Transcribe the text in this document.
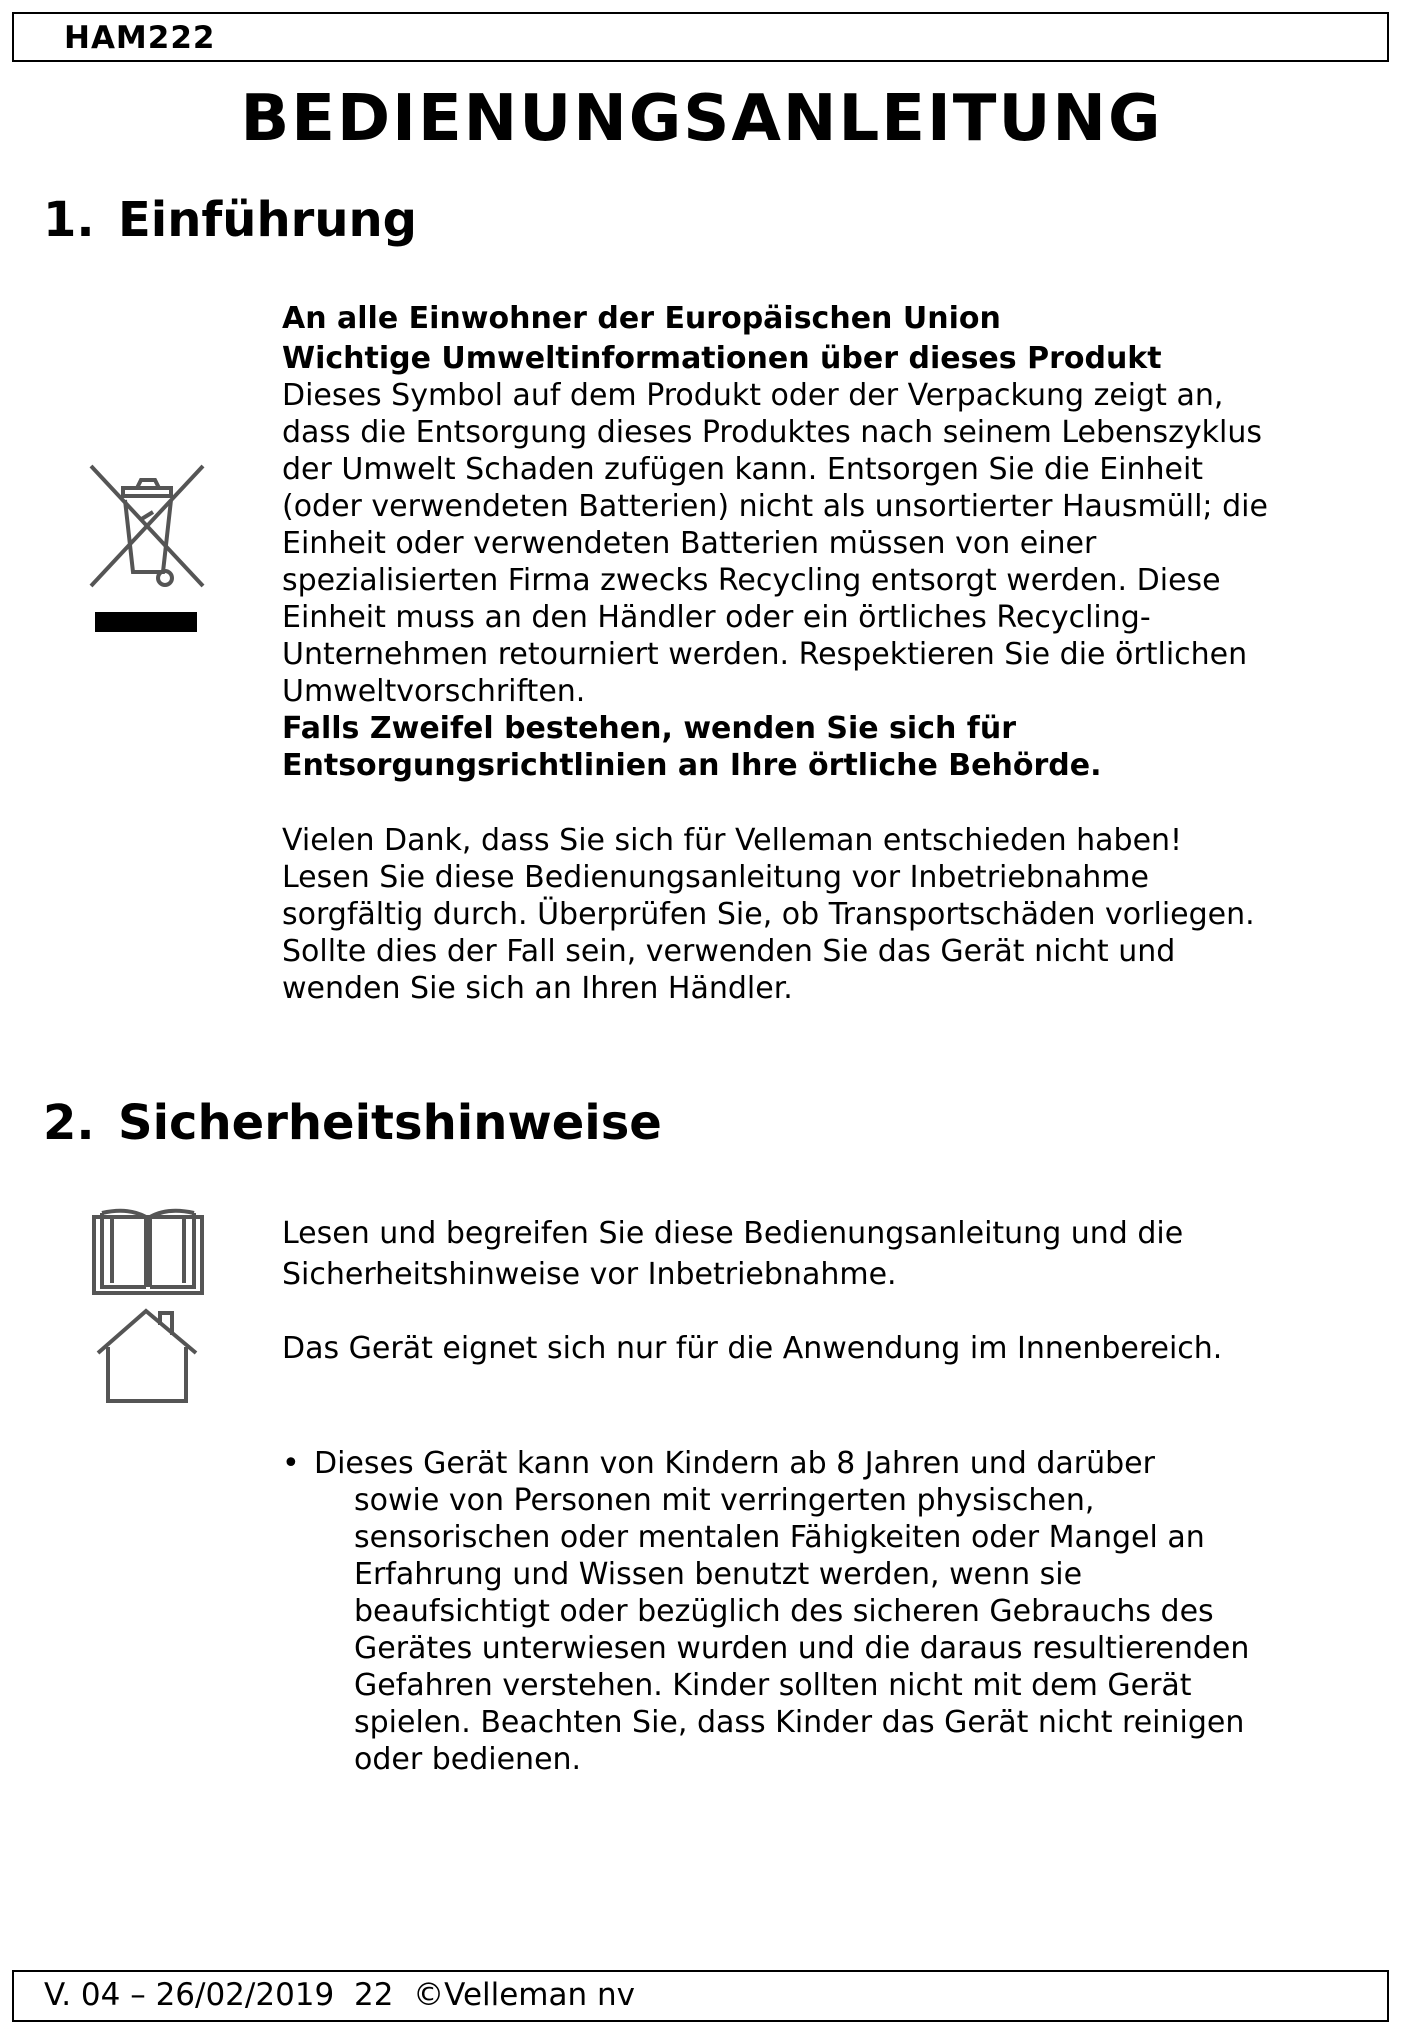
HAM222
BEDIENUNGSANLEITUNG
1. Einführung

An alle Einwohner der Europäischen Union

Wichtige Umweltinformationen über dieses Produkt

Dieses Symbol auf dem Produkt oder der Verpackung zeigt an,

dass die Entsorgung dieses Produktes nach seinem Lebenszyklus

der Umwelt Schaden zufügen kann. Entsorgen Sie die Einheit

(oder verwendeten Batterien) nicht als unsortierter Hausmüll; die

Einheit oder verwendeten Batterien müssen von einer

spezialisierten Firma zwecks Recycling entsorgt werden. Diese

Einheit muss an den Händler oder ein örtliches Recycling-

Unternehmen retourniert werden. Respektieren Sie die örtlichen

Umweltvorschriften.

Falls Zweifel bestehen, wenden Sie sich für

Entsorgungsrichtlinien an Ihre örtliche Behörde.

Vielen Dank, dass Sie sich für Velleman entschieden haben!

Lesen Sie diese Bedienungsanleitung vor Inbetriebnahme

sorgfältig durch. Überprüfen Sie, ob Transportschäden vorliegen.

Sollte dies der Fall sein, verwenden Sie das Gerät nicht und

wenden Sie sich an Ihren Händler.

2. Sicherheitshinweise

Lesen und begreifen Sie diese Bedienungsanleitung und die

Sicherheitshinweise vor Inbetriebnahme.

Das Gerät eignet sich nur für die Anwendung im Innenbereich.

• Dieses Gerät kann von Kindern ab 8 Jahren und darüber
sowie von Personen mit verringerten physischen,
sensorischen oder mentalen Fähigkeiten oder Mangel an
Erfahrung und Wissen benutzt werden, wenn sie
beaufsichtigt oder bezüglich des sicheren Gebrauchs des
Gerätes unterwiesen wurden und die daraus resultierenden
Gefahren verstehen. Kinder sollten nicht mit dem Gerät
spielen. Beachten Sie, dass Kinder das Gerät nicht reinigen
oder bedienen.
V. 04 – 26/02/2019 22 ©Velleman nv
